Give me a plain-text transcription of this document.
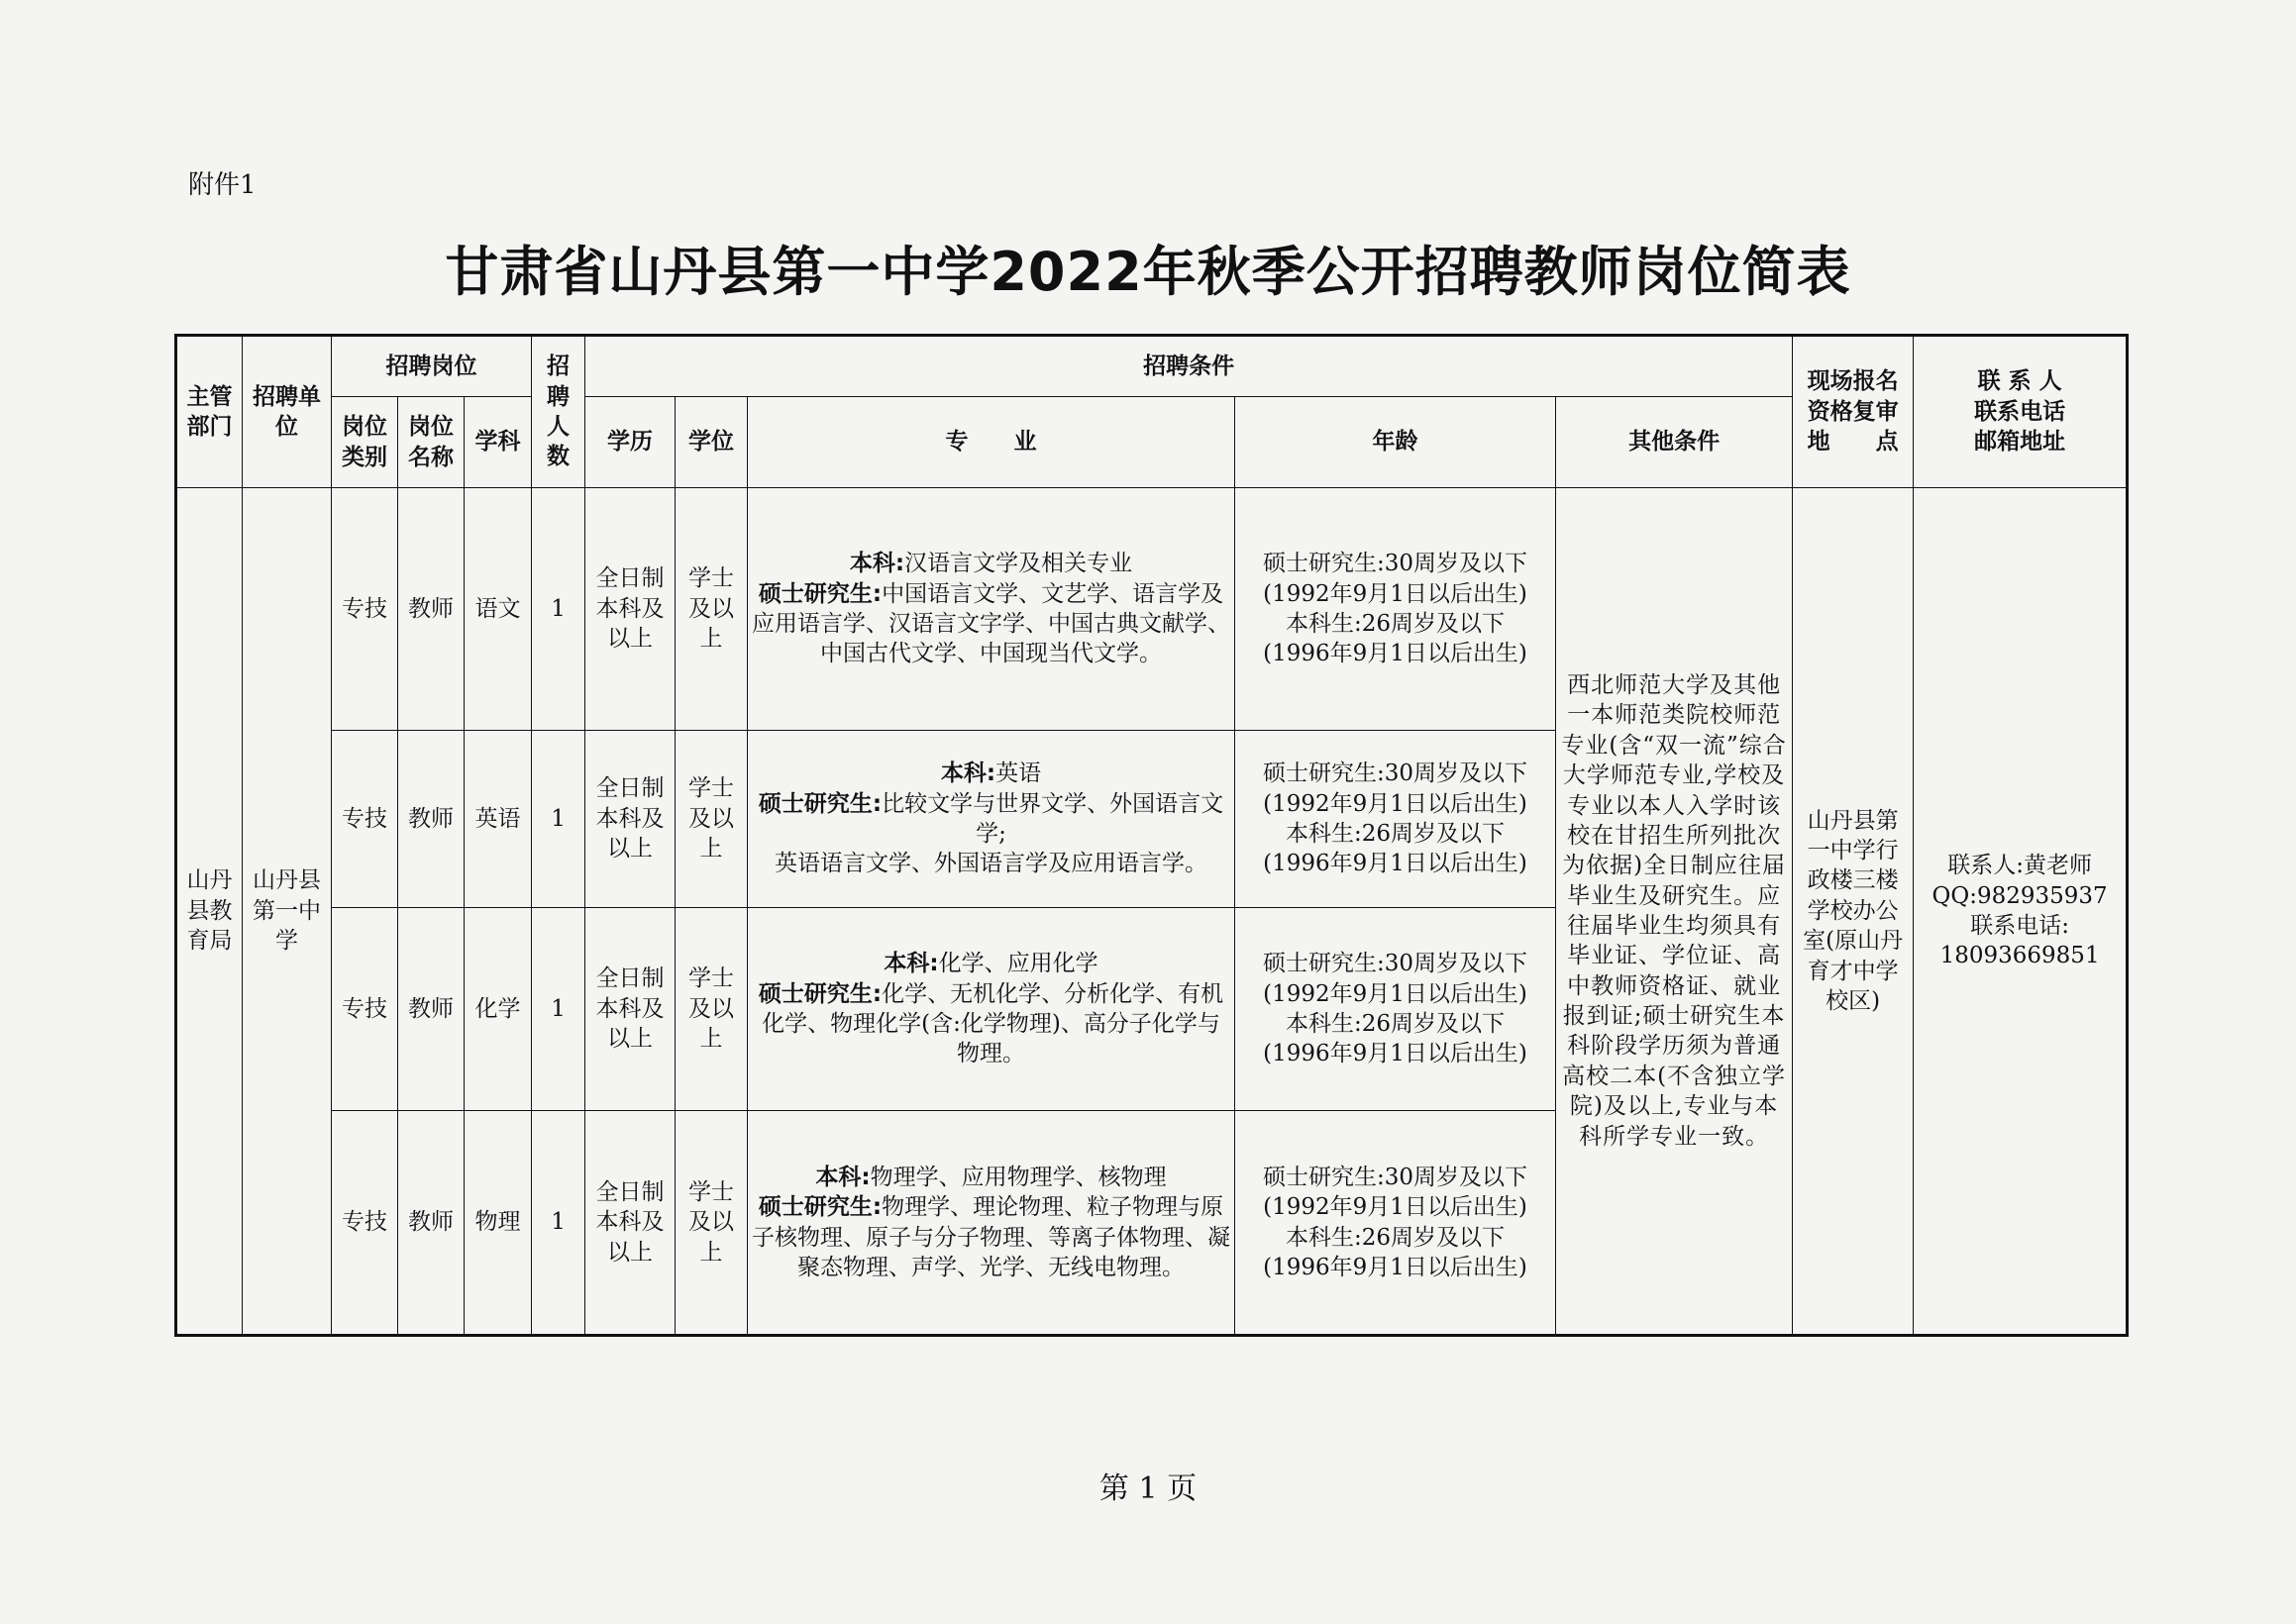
附件1
甘肃省山丹县第一中学2022年秋季公开招聘教师岗位简表
主管部门	招聘单位	招聘岗位			招聘人数	招聘条件					现场报名资格复审地　　点	联 系 人
联系电话
邮箱地址

		岗位类别	岗位名称	学科		学历	学位	专　　业	年龄	其他条件		
山丹县教育局	山丹县第一中学	专技	教师	语文	1	全日制本科及以上	学士及以上	本科:汉语言文学及相关专业
硕士研究生:中国语言文学、文艺学、语言学及应用语言学、汉语言文字学、中国古典文献学、中国古代文学、中国现当代文学。	硕士研究生:30周岁及以下
(1992年9月1日以后出生)
本科生:26周岁及以下
(1996年9月1日以后出生)	西北师范大学及其他一本师范类院校师范专业(含“双一流”综合大学师范专业,学校及专业以本人入学时该校在甘招生所列批次为依据)全日制应往届毕业生及研究生。应往届毕业生均须具有毕业证、学位证、高中教师资格证、就业报到证;硕士研究生本科阶段学历须为普通高校二本(不含独立学院)及以上,专业与本科所学专业一致。	山丹县第一中学行政楼三楼学校办公室(原山丹育才中学校区)	联系人:黄老师
QQ:982935937
联系电话:
18093669851

		专技	教师	英语	1	全日制本科及以上	学士及以上	本科:英语
硕士研究生:比较文学与世界文学、外国语言文学;
英语语言文学、外国语言学及应用语言学。	硕士研究生:30周岁及以下
(1992年9月1日以后出生)
本科生:26周岁及以下
(1996年9月1日以后出生)			

		专技	教师	化学	1	全日制本科及以上	学士及以上	本科:化学、应用化学
硕士研究生:化学、无机化学、分析化学、有机化学、物理化学(含:化学物理)、高分子化学与物理。	硕士研究生:30周岁及以下
(1992年9月1日以后出生)
本科生:26周岁及以下
(1996年9月1日以后出生)			

		专技	教师	物理	1	全日制本科及以上	学士及以上	本科:物理学、应用物理学、核物理
硕士研究生:物理学、理论物理、粒子物理与原子核物理、原子与分子物理、等离子体物理、凝聚态物理、声学、光学、无线电物理。	硕士研究生:30周岁及以下
(1992年9月1日以后出生)
本科生:26周岁及以下
(1996年9月1日以后出生)			
第 1 页
